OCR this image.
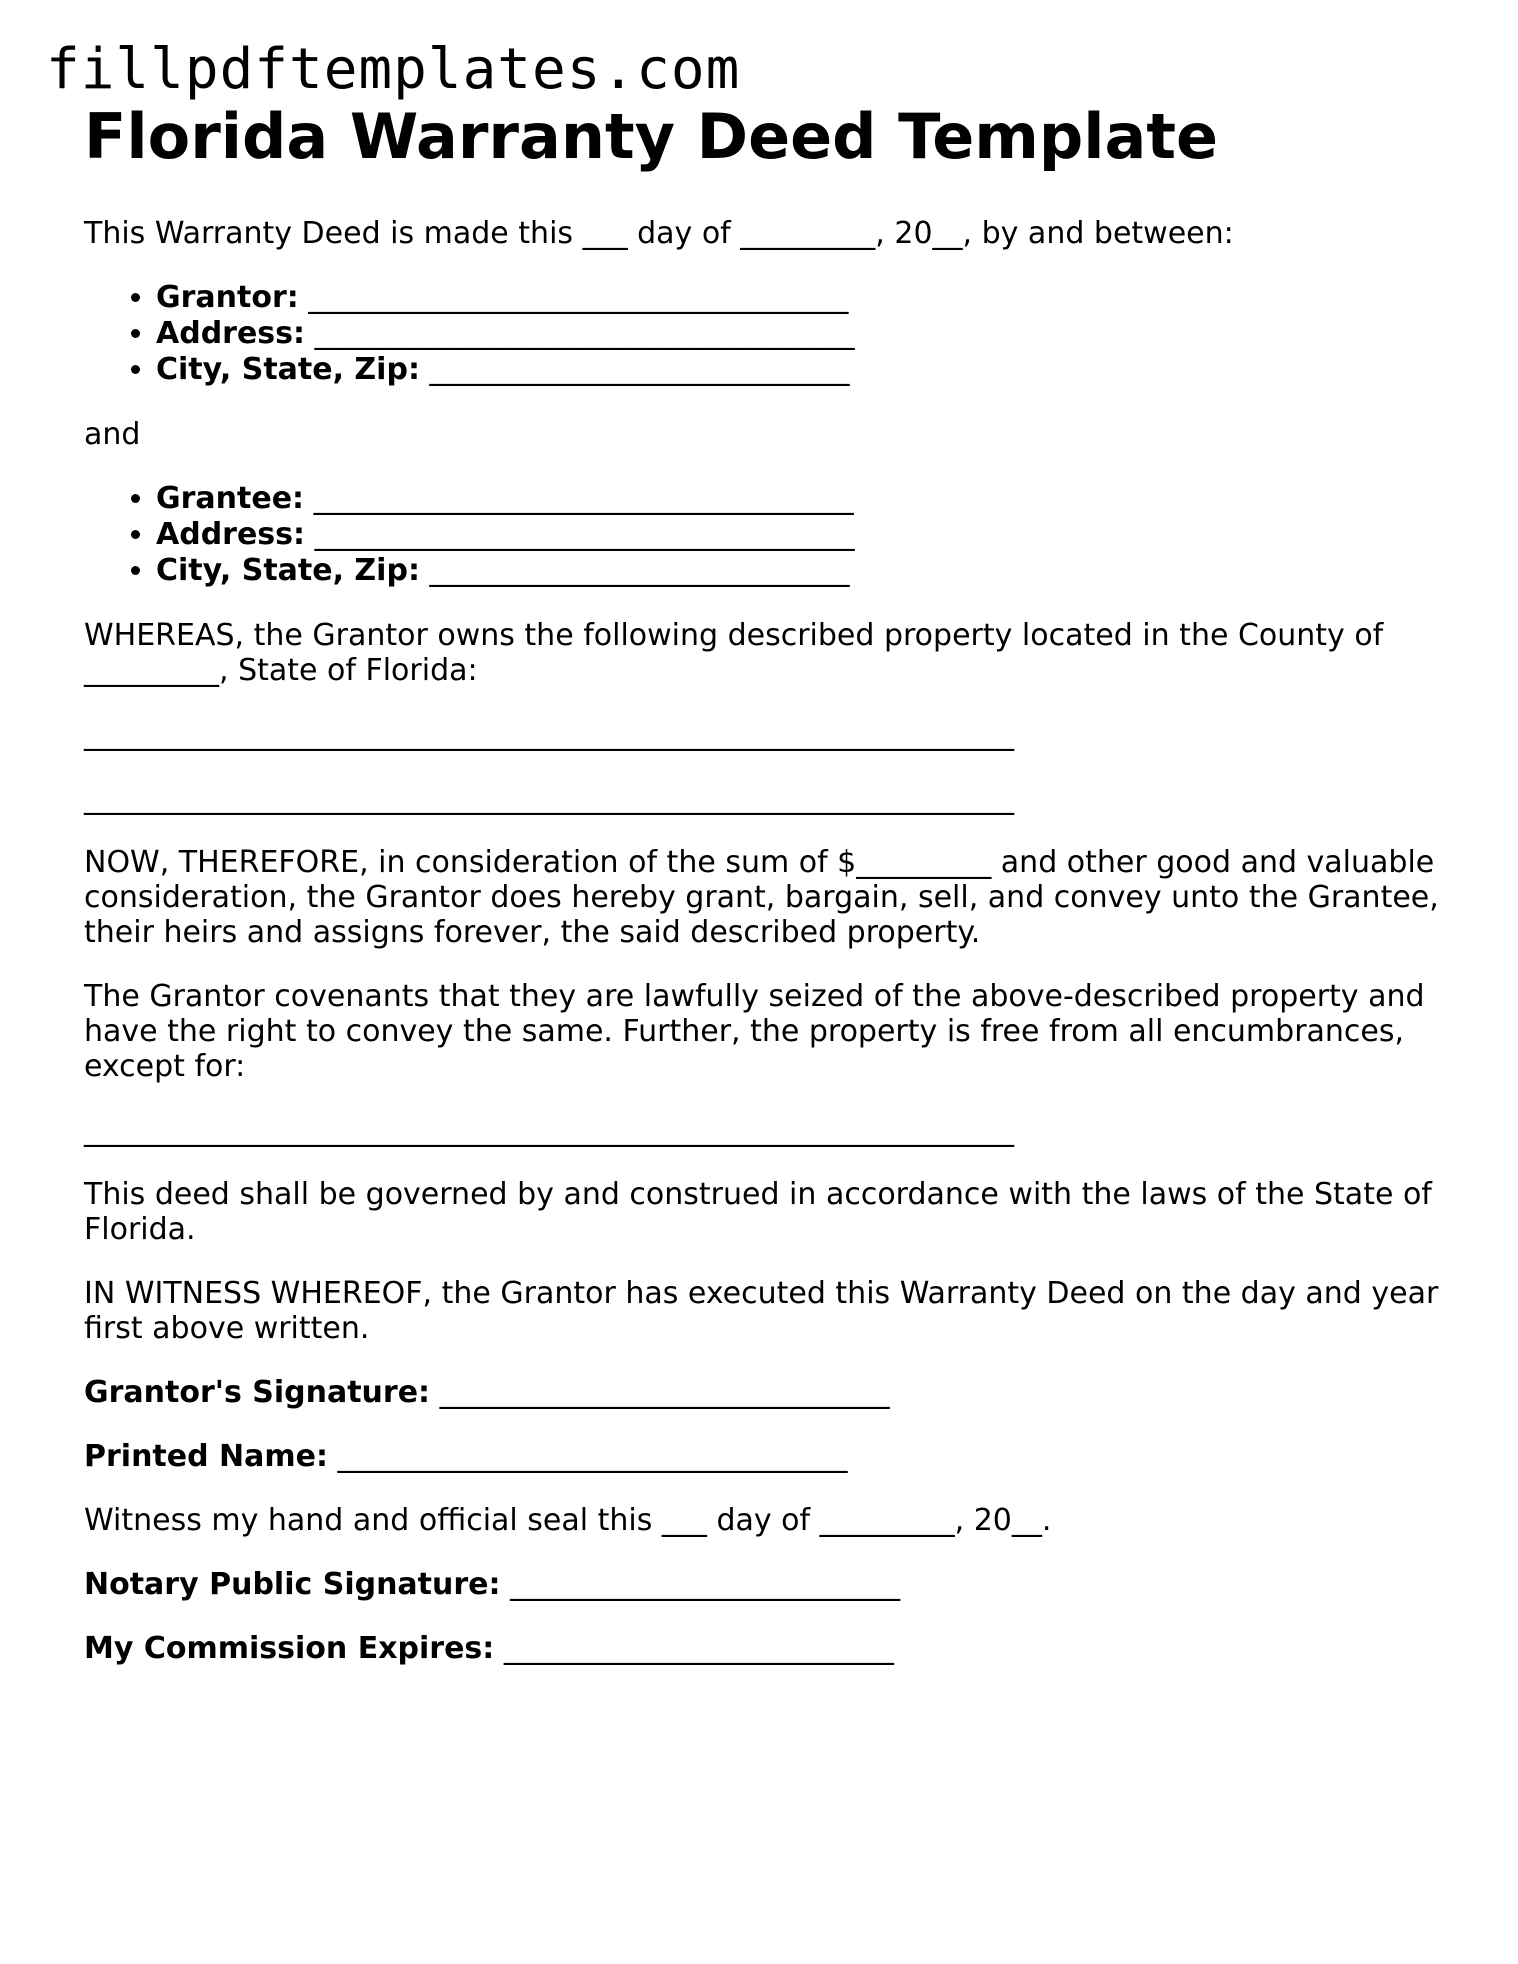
fillpdftemplates.com
Florida Warranty Deed Template

This Warranty Deed is made this ___ day of _________, 20__, by and between:

• Grantor: ____________________________________
• Address: ____________________________________
• City, State, Zip: ____________________________

and

• Grantee: ____________________________________
• Address: ____________________________________
• City, State, Zip: ____________________________

WHEREAS, the Grantor owns the following described property located in the County of _________, State of Florida:

______________________________________________________________
______________________________________________________________

NOW, THEREFORE, in consideration of the sum of $_________ and other good and valuable consideration, the Grantor does hereby grant, bargain, sell, and convey unto the Grantee, their heirs and assigns forever, the said described property.

The Grantor covenants that they are lawfully seized of the above-described property and have the right to convey the same. Further, the property is free from all encumbrances, except for:

______________________________________________________________

This deed shall be governed by and construed in accordance with the laws of the State of Florida.

IN WITNESS WHEREOF, the Grantor has executed this Warranty Deed on the day and year first above written.

Grantor's Signature: ______________________________

Printed Name: __________________________________

Witness my hand and official seal this ___ day of _________, 20__.

Notary Public Signature: __________________________

My Commission Expires: __________________________
